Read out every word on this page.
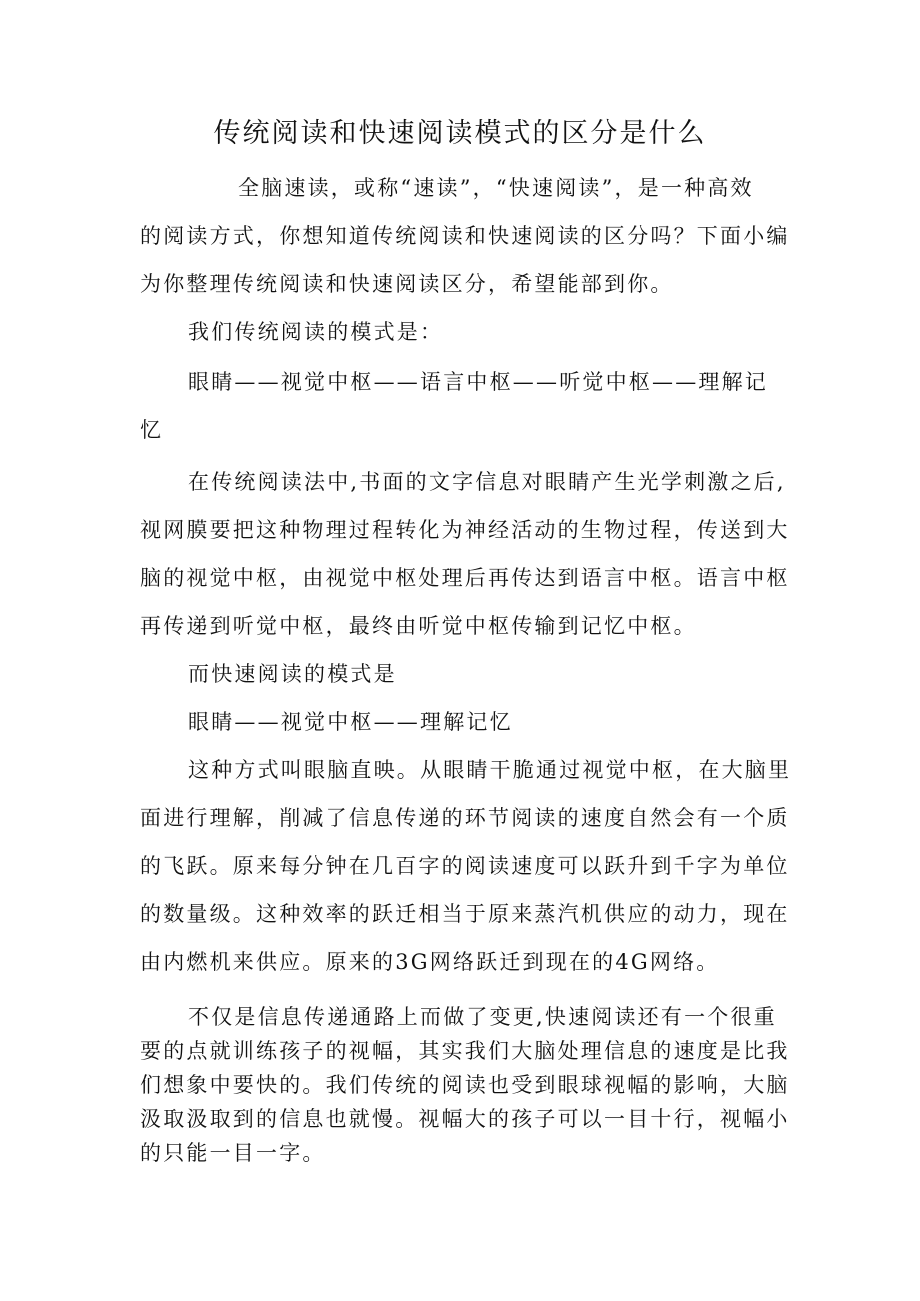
传统阅读和快速阅读模式的区分是什么
全脑速读，或称“速读”，“快速阅读”，是一种高效
的阅读方式，你想知道传统阅读和快速阅读的区分吗？下面小编
为你整理传统阅读和快速阅读区分，希望能部到你。
我们传统阅读的模式是：
眼睛——视觉中枢——语言中枢——听觉中枢——理解记
忆
在传统阅读法中,书面的文字信息对眼睛产生光学刺激之后,
视网膜要把这种物理过程转化为神经活动的生物过程，传送到大
脑的视觉中枢，由视觉中枢处理后再传达到语言中枢。语言中枢
再传递到听觉中枢，最终由听觉中枢传输到记忆中枢。
而快速阅读的模式是
眼睛——视觉中枢——理解记忆
这种方式叫眼脑直映。从眼睛干脆通过视觉中枢，在大脑里
面进行理解，削减了信息传递的环节阅读的速度自然会有一个质
的飞跃。原来每分钟在几百字的阅读速度可以跃升到千字为单位
的数量级。这种效率的跃迁相当于原来蒸汽机供应的动力，现在
由内燃机来供应。原来的3G网络跃迁到现在的4G网络。
不仅是信息传递通路上而做了变更,快速阅读还有一个很重
要的点就训练孩子的视幅，其实我们大脑处理信息的速度是比我
们想象中要快的。我们传统的阅读也受到眼球视幅的影响，大脑
汲取汲取到的信息也就慢。视幅大的孩子可以一目十行，视幅小
的只能一目一字。
